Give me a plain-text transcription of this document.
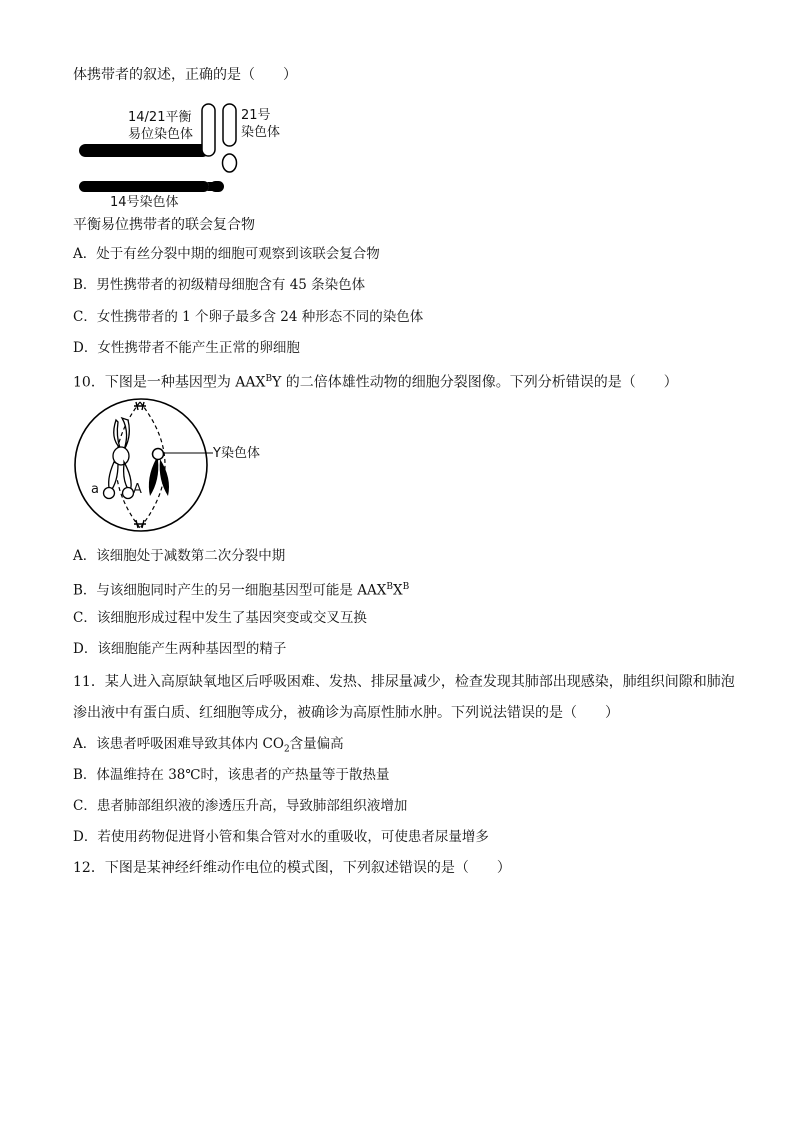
体携带者的叙述，正确的是（　　）
14/21平衡
易位染色体
21号
染色体
14号染色体
平衡易位携带者的联会复合物
A．处于有丝分裂中期的细胞可观察到该联会复合物
B．男性携带者的初级精母细胞含有 45 条染色体
C．女性携带者的 1 个卵子最多含 24 种形态不同的染色体
D．女性携带者不能产生正常的卵细胞
10．下图是一种基因型为 $AAX^BY$ 的二倍体雄性动物的细胞分裂图像。下列分析错误的是（　　）
Y染色体
a	A
A．该细胞处于减数第二次分裂中期
B．与该细胞同时产生的另一细胞基因型可能是 $AAX^BX^B$
C．该细胞形成过程中发生了基因突变或交叉互换
D．该细胞能产生两种基因型的精子
11．某人进入高原缺氧地区后呼吸困难、发热、排尿量减少，检查发现其肺部出现感染，肺组织间隙和肺泡
渗出液中有蛋白质、红细胞等成分，被确诊为高原性肺水肿。下列说法错误的是（　　）
A．该患者呼吸困难导致其体内 $CO_2$含量偏高
B．体温维持在 38℃时，该患者的产热量等于散热量
C．患者肺部组织液的渗透压升高，导致肺部组织液增加
D．若使用药物促进肾小管和集合管对水的重吸收，可使患者尿量增多
12．下图是某神经纤维动作电位的模式图，下列叙述错误的是（　　）
